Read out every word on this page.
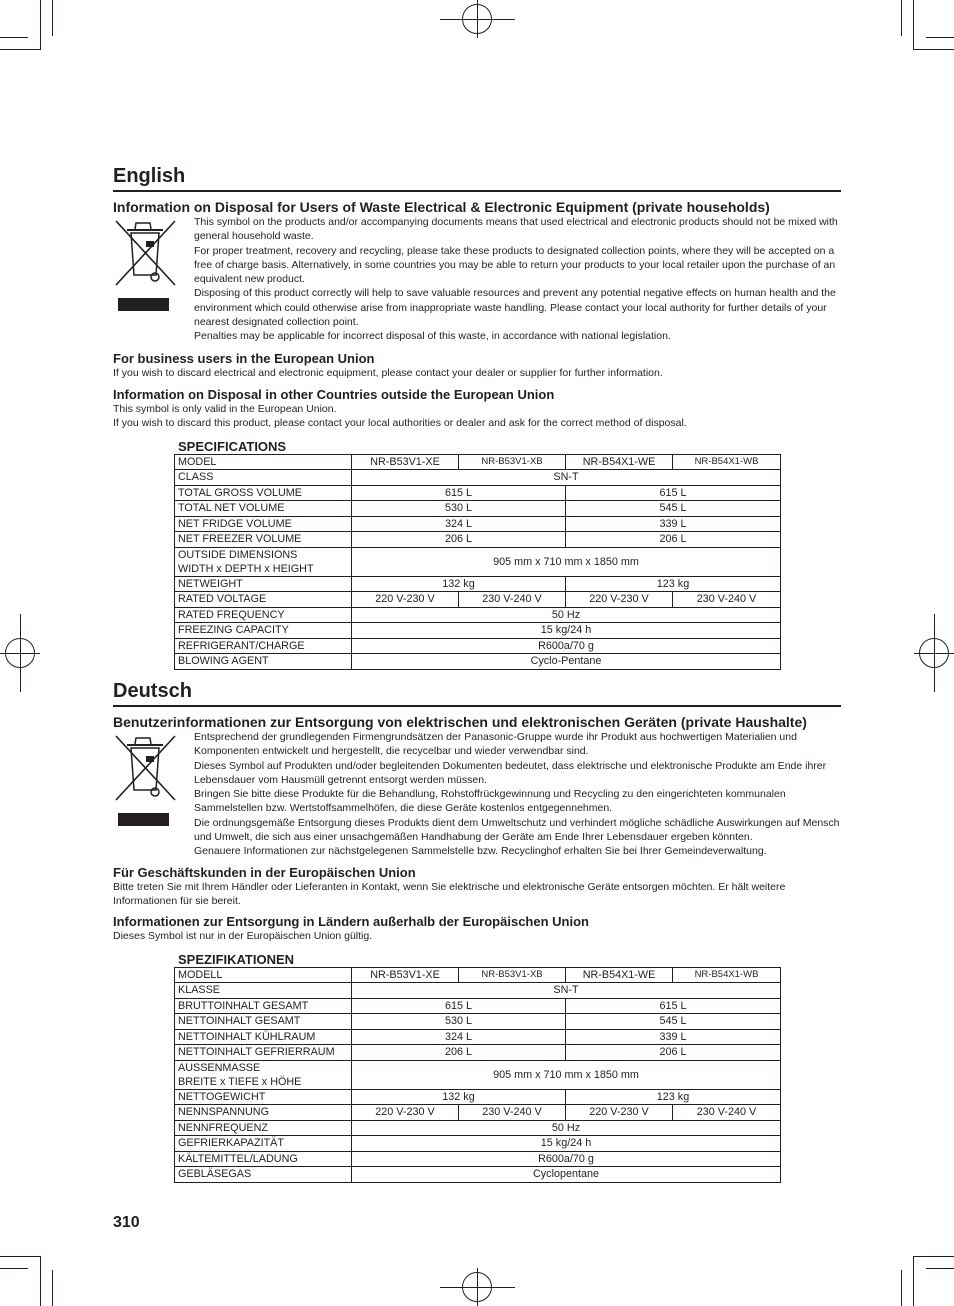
English
Information on Disposal for Users of Waste Electrical & Electronic Equipment (private households)

This symbol on the products and/or accompanying documents means that used electrical and electronic products should not be mixed with general household waste.

For proper treatment, recovery and recycling, please take these products to designated collection points, where they will be accepted on a free of charge basis. Alternatively, in some countries you may be able to return your products to your local retailer upon the purchase of an equivalent new product.

Disposing of this product correctly will help to save valuable resources and prevent any potential negative effects on human health and the environment which could otherwise arise from inappropriate waste handling. Please contact your local authority for further details of your nearest designated collection point.

Penalties may be applicable for incorrect disposal of this waste, in accordance with national legislation.

For business users in the European Union

If you wish to discard electrical and electronic equipment, please contact your dealer or supplier for further information.

Information on Disposal in other Countries outside the European Union

This symbol is only valid in the European Union.

If you wish to discard this product, please contact your local authorities or dealer and ask for the correct method of disposal.

SPECIFICATIONS
MODEL	NR-B53V1-XE	NR-B53V1-XB	NR-B54X1-WE	NR-B54X1-WB
CLASS	SN-T			
TOTAL GROSS VOLUME	615 L		615 L	
TOTAL NET VOLUME	530 L		545 L	
NET FRIDGE VOLUME	324 L		339 L	
NET FREEZER VOLUME	206 L		206 L	
OUTSIDE DIMENSIONS
WIDTH x DEPTH x HEIGHT	905 mm x 710 mm x 1850 mm			
NETWEIGHT	132 kg		123 kg	
RATED VOLTAGE	220 V-230 V	230 V-240 V	220 V-230 V	230 V-240 V
RATED FREQUENCY	50 Hz			
FREEZING CAPACITY	15 kg/24 h			
REFRIGERANT/CHARGE	R600a/70 g			
BLOWING AGENT	Cyclo-Pentane			
Deutsch
Benutzerinformationen zur Entsorgung von elektrischen und elektronischen Geräten (private Haushalte)

Entsprechend der grundlegenden Firmengrundsätzen der Panasonic-Gruppe wurde ihr Produkt aus hochwertigen Materialien und Komponenten entwickelt und hergestellt, die recycelbar und wieder verwendbar sind.

Dieses Symbol auf Produkten und/oder begleitenden Dokumenten bedeutet, dass elektrische und elektronische Produkte am Ende ihrer Lebensdauer vom Hausmüll getrennt entsorgt werden müssen.

Bringen Sie bitte diese Produkte für die Behandlung, Rohstoffrückgewinnung und Recycling zu den eingerichteten kommunalen Sammelstellen bzw. Wertstoffsammelhöfen, die diese Geräte kostenlos entgegennehmen.

Die ordnungsgemäße Entsorgung dieses Produkts dient dem Umweltschutz und verhindert mögliche schädliche Auswirkungen auf Mensch und Umwelt, die sich aus einer unsachgemäßen Handhabung der Geräte am Ende Ihrer Lebensdauer ergeben könnten.

Genauere Informationen zur nächstgelegenen Sammelstelle bzw. Recyclinghof erhalten Sie bei Ihrer Gemeindeverwaltung.

Für Geschäftskunden in der Europäischen Union

Bitte treten Sie mit Ihrem Händler oder Lieferanten in Kontakt, wenn Sie elektrische und elektronische Geräte entsorgen möchten. Er hält weitere Informationen für sie bereit.

Informationen zur Entsorgung in Ländern außerhalb der Europäischen Union

Dieses Symbol ist nur in der Europäischen Union gültig.

SPEZIFIKATIONEN
MODELL	NR-B53V1-XE	NR-B53V1-XB	NR-B54X1-WE	NR-B54X1-WB
KLASSE	SN-T			
BRUTTOINHALT GESAMT	615 L		615 L	
NETTOINHALT GESAMT	530 L		545 L	
NETTOINHALT KÜHLRAUM	324 L		339 L	
NETTOINHALT GEFRIERRAUM	206 L		206 L	
AUSSENMASSE
BREITE x TIEFE x HÖHE	905 mm x 710 mm x 1850 mm			
NETTOGEWICHT	132 kg		123 kg	
NENNSPANNUNG	220 V-230 V	230 V-240 V	220 V-230 V	230 V-240 V
NENNFREQUENZ	50 Hz			
GEFRIERKAPAZITÄT	15 kg/24 h			
KÄLTEMITTEL/LADUNG	R600a/70 g			
GEBLÄSEGAS	Cyclopentane			
310
